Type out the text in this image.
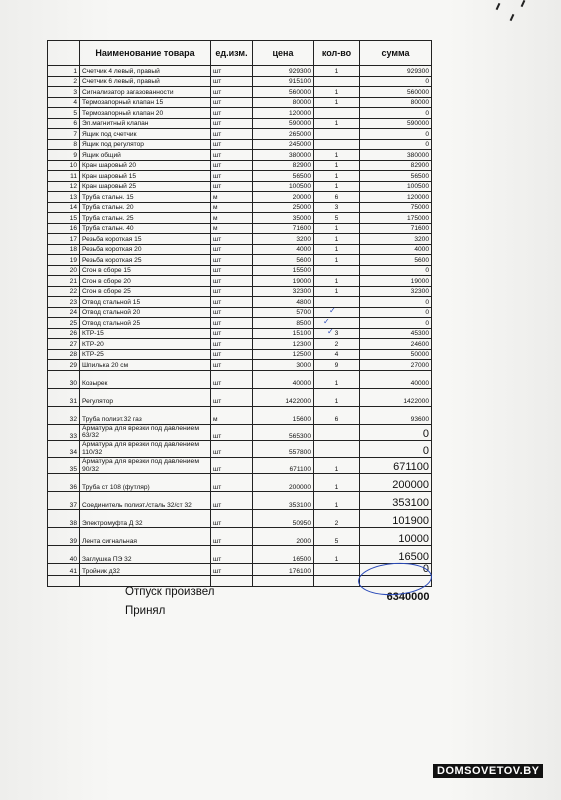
	Наименование товара	ед.изм.	цена	кол-во	сумма
1	Счетчик 4 левый, правый	шт	929300	1	929300
2	Счетчик 6 левый, правый	шт	915100		0
3	Сигнализатор загазованности	шт	560000	1	560000
4	Термозапорный клапан 15	шт	80000	1	80000
5	Термозапорный клапан 20	шт	120000		0
6	Эл.магнитный клапан	шт	590000	1	590000
7	Ящик под счетчик	шт	265000		0
8	Ящик под регулятор	шт	245000		0
9	Ящик общий	шт	380000	1	380000
10	Кран шаровый 20	шт	82900	1	82900
11	Кран шаровый 15	шт	56500	1	56500
12	Кран шаровый 25	шт	100500	1	100500
13	Труба стальн. 15	м	20000	6	120000
14	Труба стальн. 20	м	25000	3	75000
15	Труба стальн. 25	м	35000	5	175000
16	Труба стальн. 40	м	71600	1	71600
17	Резьба короткая 15	шт	3200	1	3200
18	Резьба короткая 20	шт	4000	1	4000
19	Резьба короткая 25	шт	5600	1	5600
20	Сгон в сборе 15	шт	15500		0
21	Сгон в сборе 20	шт	19000	1	19000
22	Сгон в сборе 25	шт	32300	1	32300
23	Отвод стальной 15	шт	4800		0
24	Отвод стальной 20	шт	5700		0
25	Отвод стальной 25	шт	8500		0
26	КТР-15	шт	15100	3	45300
27	КТР-20	шт	12300	2	24600
28	КТР-25	шт	12500	4	50000
29	Шпилька 20 см	шт	3000	9	27000
30	Козырек	шт	40000	1	40000
31	Регулятор	шт	1422000	1	1422000
32	Труба полиэт.32 газ	м	15600	6	93600
33	Арматура для врезки под давлением 63/32	шт	565300		0
34	Арматура для врезки под давлением 110/32	шт	557800		0
35	Арматура для врезки под давлением 90/32	шт	671100	1	671100
36	Труба ст 108 (футляр)	шт	200000	1	200000
37	Соединитель полиэт./сталь 32/ст 32	шт	353100	1	353100
38	Электромуфта Д 32	шт	50950	2	101900
39	Лента сигнальная	шт	2000	5	10000
40	Заглушка ПЭ 32	шт	16500	1	16500
41	Тройник д32	шт	176100		0

					6340000
✓
✓
✓
Отпуск произвел
Принял
DOMSOVETOV.BY
